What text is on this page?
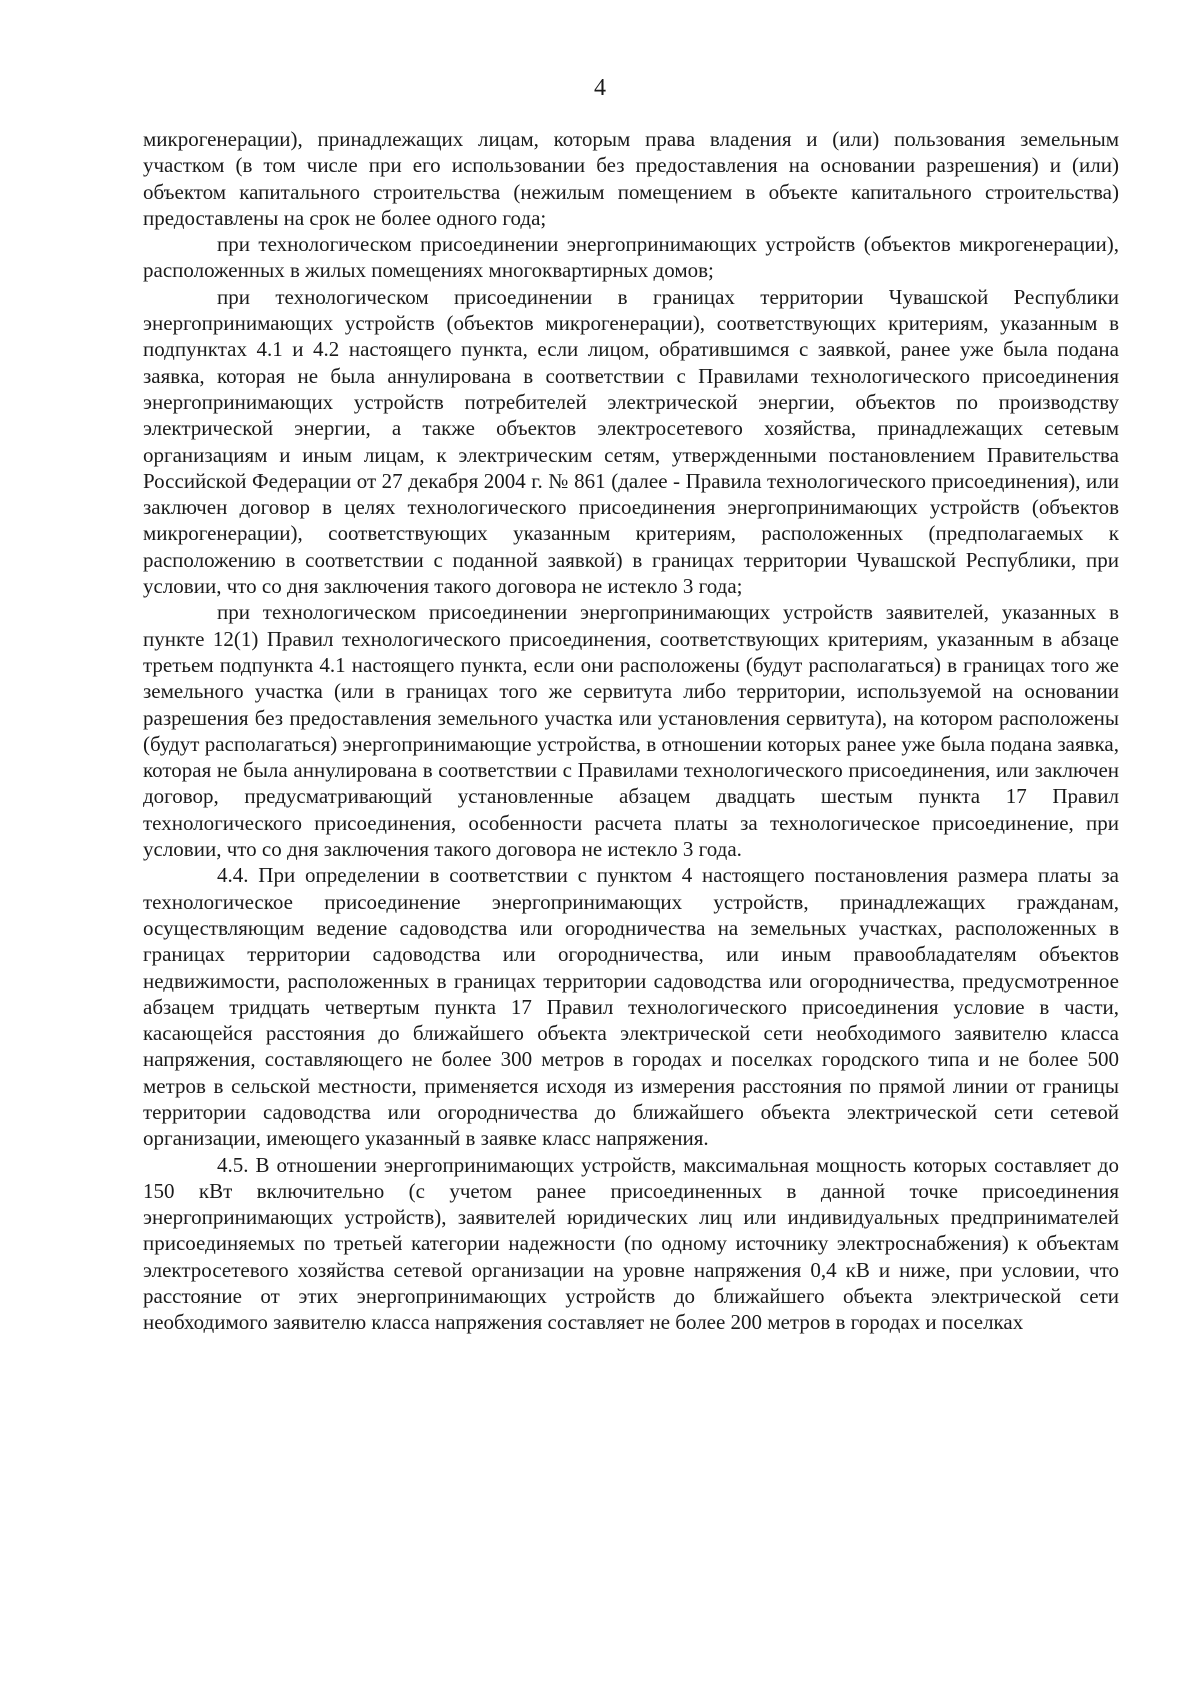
4

микрогенерации), принадлежащих лицам, которым права владения и (или) пользования земельным участком (в том числе при его использовании без предоставления на основании разрешения) и (или) объектом капитального строительства (нежилым помещением в объекте капитального строительства) предоставлены на срок не более одного года;

при технологическом присоединении энергопринимающих устройств (объектов микрогенерации), расположенных в жилых помещениях многоквартирных домов;

при технологическом присоединении в границах территории Чувашской Республики энергопринимающих устройств (объектов микрогенерации), соответствующих критериям, указанным в подпунктах 4.1 и 4.2 настоящего пункта, если лицом, обратившимся с заявкой, ранее уже была подана заявка, которая не была аннулирована в соответствии с Правилами технологического присоединения энергопринимающих устройств потребителей электрической энергии, объектов по производству электрической энергии, а также объектов электросетевого хозяйства, принадлежащих сетевым организациям и иным лицам, к электрическим сетям, утвержденными постановлением Правительства Российской Федерации от 27 декабря 2004 г. № 861 (далее - Правила технологического присоединения), или заключен договор в целях технологического присоединения энергопринимающих устройств (объектов микрогенерации), соответствующих указанным критериям, расположенных (предполагаемых к расположению в соответствии с поданной заявкой) в границах территории Чувашской Республики, при условии, что со дня заключения такого договора не истекло 3 года;

при технологическом присоединении энергопринимающих устройств заявителей, указанных в пункте 12(1) Правил технологического присоединения, соответствующих критериям, указанным в абзаце третьем подпункта 4.1 настоящего пункта, если они расположены (будут располагаться) в границах того же земельного участка (или в границах того же сервитута либо территории, используемой на основании разрешения без предоставления земельного участка или установления сервитута), на котором расположены (будут располагаться) энергопринимающие устройства, в отношении которых ранее уже была подана заявка, которая не была аннулирована в соответствии с Правилами технологического присоединения, или заключен договор, предусматривающий установленные абзацем двадцать шестым пункта 17 Правил технологического присоединения, особенности расчета платы за технологическое присоединение, при условии, что со дня заключения такого договора не истекло 3 года.

4.4. При определении в соответствии с пунктом 4 настоящего постановления размера платы за технологическое присоединение энергопринимающих устройств, принадлежащих гражданам, осуществляющим ведение садоводства или огородничества на земельных участках, расположенных в границах территории садоводства или огородничества, или иным правообладателям объектов недвижимости, расположенных в границах территории садоводства или огородничества, предусмотренное абзацем тридцать четвертым пункта 17 Правил технологического присоединения условие в части, касающейся расстояния до ближайшего объекта электрической сети необходимого заявителю класса напряжения, составляющего не более 300 метров в городах и поселках городского типа и не более 500 метров в сельской местности, применяется исходя из измерения расстояния по прямой линии от границы территории садоводства или огородничества до ближайшего объекта электрической сети сетевой организации, имеющего указанный в заявке класс напряжения.

4.5. В отношении энергопринимающих устройств, максимальная мощность которых составляет до 150 кВт включительно (с учетом ранее присоединенных в данной точке присоединения энергопринимающих устройств), заявителей юридических лиц или индивидуальных предпринимателей присоединяемых по третьей категории надежности (по одному источнику электроснабжения) к объектам электросетевого хозяйства сетевой организации на уровне напряжения 0,4 кВ и ниже, при условии, что расстояние от этих энергопринимающих устройств до ближайшего объекта электрической сети необходимого заявителю класса напряжения составляет не более 200 метров в городах и поселках
